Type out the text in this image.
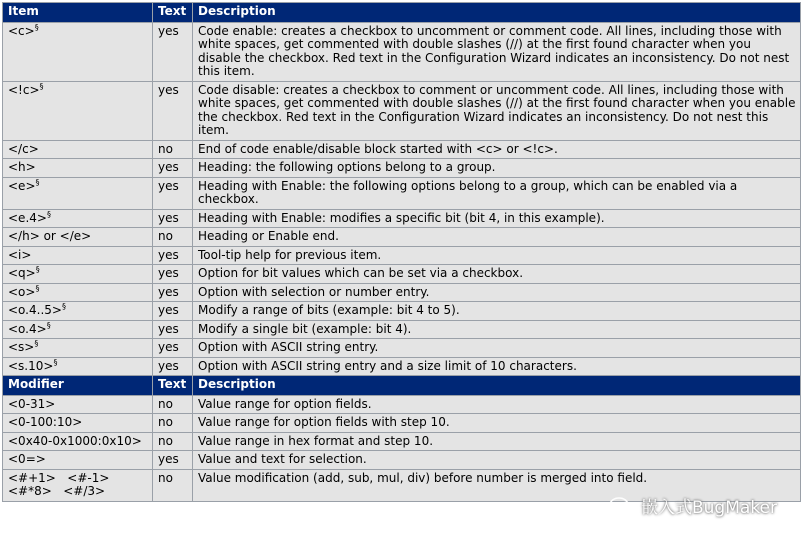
Item	Text	Description
<c>§	yes	Code enable: creates a checkbox to uncomment or comment code. All lines, including those with white spaces, get commented with double slashes (//) at the first found character when you disable the checkbox. Red text in the Configuration Wizard indicates an inconsistency. Do not nest this item.
<!c>§	yes	Code disable: creates a checkbox to comment or uncomment code. All lines, including those with white spaces, get commented with double slashes (//) at the first found character when you enable the checkbox. Red text in the Configuration Wizard indicates an inconsistency. Do not nest this item.
</c>	no	End of code enable/disable block started with <c> or <!c>.
<h>	yes	Heading: the following options belong to a group.
<e>§	yes	Heading with Enable: the following options belong to a group, which can be enabled via a checkbox.
<e.4>§	yes	Heading with Enable: modifies a specific bit (bit 4, in this example).
</h> or </e>	no	Heading or Enable end.
<i>	yes	Tool-tip help for previous item.
<q>§	yes	Option for bit values which can be set via a checkbox.
<o>§	yes	Option with selection or number entry.
<o.4..5>§	yes	Modify a range of bits (example: bit 4 to 5).
<o.4>§	yes	Modify a single bit (example: bit 4).
<s>§	yes	Option with ASCII string entry.
<s.10>§	yes	Option with ASCII string entry and a size limit of 10 characters.
Modifier	Text	Description
<0-31>	no	Value range for option fields.
<0-100:10>	no	Value range for option fields with step 10.
<0x40-0x1000:0x10>	no	Value range in hex format and step 10.
<0=>	yes	Value and text for selection.
<#+1>   <#-1>
<#*8>   <#/3>	no	Value modification (add, sub, mul, div) before number is merged into field.
嵌入式BugMaker
